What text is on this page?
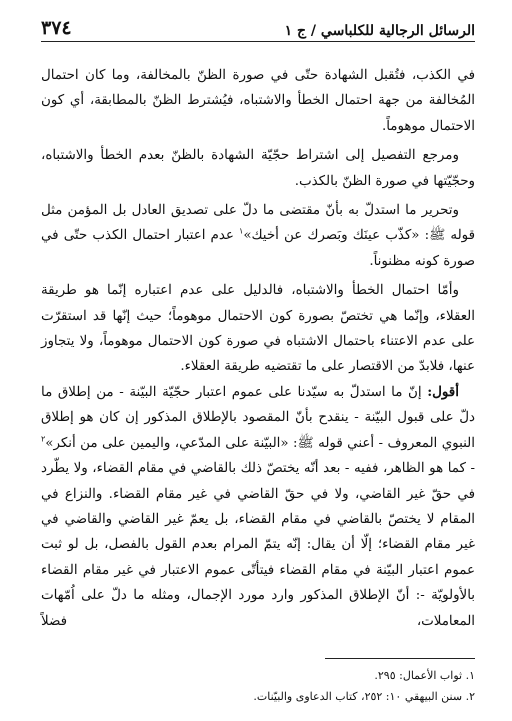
الرسائل الرجالية للكلباسي / ج ١
٣٧٤

في الكذب، فتُقبل الشهادة حتّى في صورة الظنّ بالمخالفة، وما كان احتمال المُخالفة من جهة احتمال الخطأ والاشتباه، فيُشترط الظنّ بالمطابقة، أي كون الاحتمال موهوماً.

ومرجع التفصيل إلى اشتراط حجّيّة الشهادة بالظنّ بعدم الخطأ والاشتباه، وحجّيّتها في صورة الظنّ بالكذب.

وتحرير ما استدلّ به بأنّ مقتضى ما دلّ على تصديق العادل بل المؤمن مثل قوله ﷺ: «كذّب عينَك وبَصرك عن أخيك»$^١$ عدم اعتبار احتمال الكذب حتّى في صورة كونه مظنوناً.

وأمّا احتمال الخطأ والاشتباه، فالدليل على عدم اعتباره إنّما هو طريقة العقلاء، وإنّما هي تختصّ بصورة كون الاحتمال موهوماً؛ حيث إنّها قد استقرّت على عدم الاعتناء باحتمال الاشتباه في صورة كون الاحتمال موهوماً، ولا يتجاوز عنها، فلابدّ من الاقتصار على ما تقتضيه طريقة العقلاء.

أقول: إنّ ما استدلّ به سيّدنا على عموم اعتبار حجّيّة البيّنة - من إطلاق ما دلّ على قبول البيّنة - ينقدح بأنّ المقصود بالإطلاق المذكور إن كان هو إطلاق النبوي المعروف - أعني قوله ﷺ: «البيّنة على المدّعي، واليمين على من أنكر»$^٢$ - كما هو الظاهر، ففيه - بعد أنّه يختصّ ذلك بالقاضي في مقام القضاء، ولا يطّرد في حقّ غير القاضي، ولا في حقّ القاضي في غير مقام القضاء. والنزاع في المقام لا يختصّ بالقاضي في مقام القضاء، بل يعمّ غير القاضي والقاضي في غير مقام القضاء؛ إلّا أن يقال: إنّه يتمّ المرام بعدم القول بالفصل، بل لو ثبت عموم اعتبار البيّنة في مقام القضاء فيتأتّى عموم الاعتبار في غير مقام القضاء بالأولويّة -: أنّ الإطلاق المذكور وارد مورد الإجمال، ومثله ما دلّ على اُمّهات المعاملات، فضلاً

١. ثواب الأعمال: ٢٩٥.

٢. سنن البيهقي ١٠: ٢٥٢، كتاب الدعاوى والبيّنات.
